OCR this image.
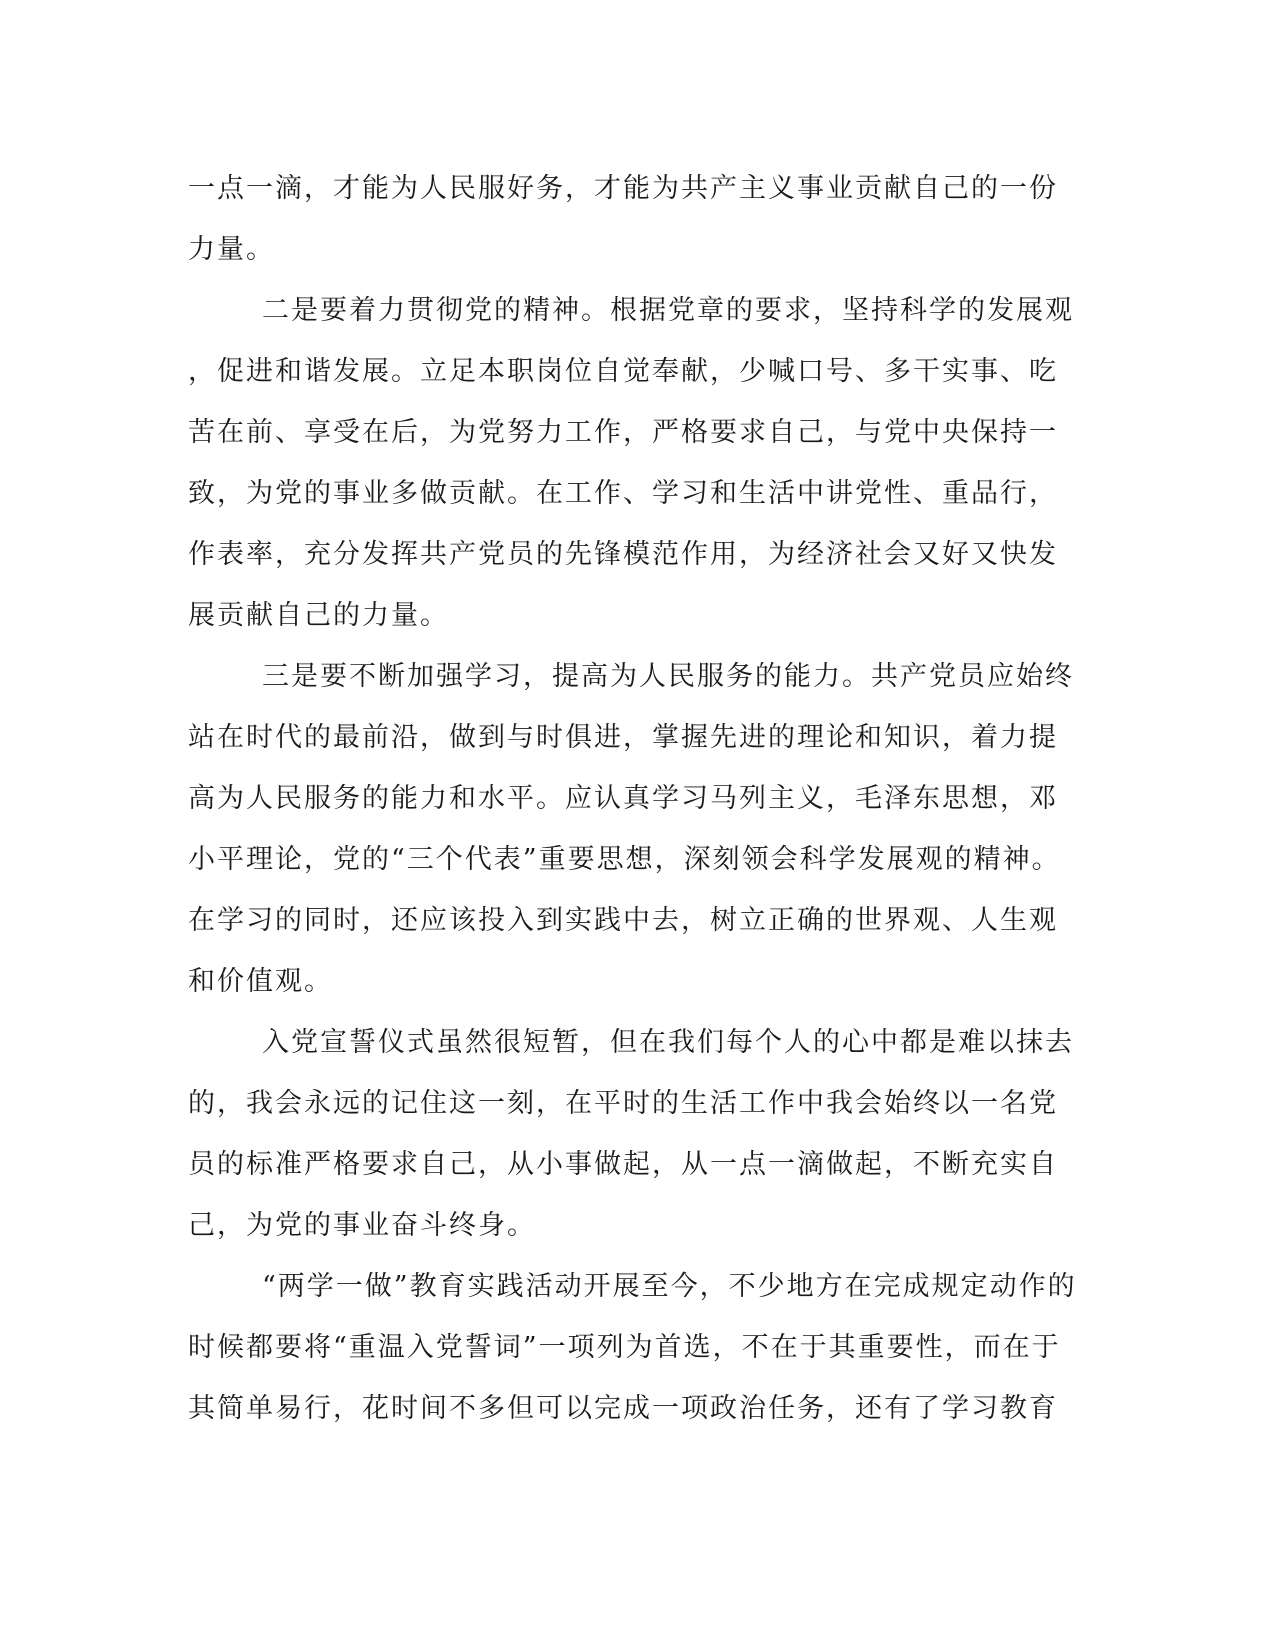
一点一滴，才能为人民服好务，才能为共产主义事业贡献自己的一份
力量。
二是要着力贯彻党的精神。根据党章的要求，坚持科学的发展观
，促进和谐发展。立足本职岗位自觉奉献，少喊口号、多干实事、吃
苦在前、享受在后，为党努力工作，严格要求自己，与党中央保持一
致，为党的事业多做贡献。在工作、学习和生活中讲党性、重品行，
作表率，充分发挥共产党员的先锋模范作用，为经济社会又好又快发
展贡献自己的力量。
三是要不断加强学习，提高为人民服务的能力。共产党员应始终
站在时代的最前沿，做到与时俱进，掌握先进的理论和知识，着力提
高为人民服务的能力和水平。应认真学习马列主义，毛泽东思想，邓
小平理论，党的“三个代表”重要思想，深刻领会科学发展观的精神。
在学习的同时，还应该投入到实践中去，树立正确的世界观、人生观
和价值观。
入党宣誓仪式虽然很短暂，但在我们每个人的心中都是难以抹去
的，我会永远的记住这一刻，在平时的生活工作中我会始终以一名党
员的标准严格要求自己，从小事做起，从一点一滴做起，不断充实自
己，为党的事业奋斗终身。
“两学一做”教育实践活动开展至今，不少地方在完成规定动作的
时候都要将“重温入党誓词”一项列为首选，不在于其重要性，而在于
其简单易行，花时间不多但可以完成一项政治任务，还有了学习教育
